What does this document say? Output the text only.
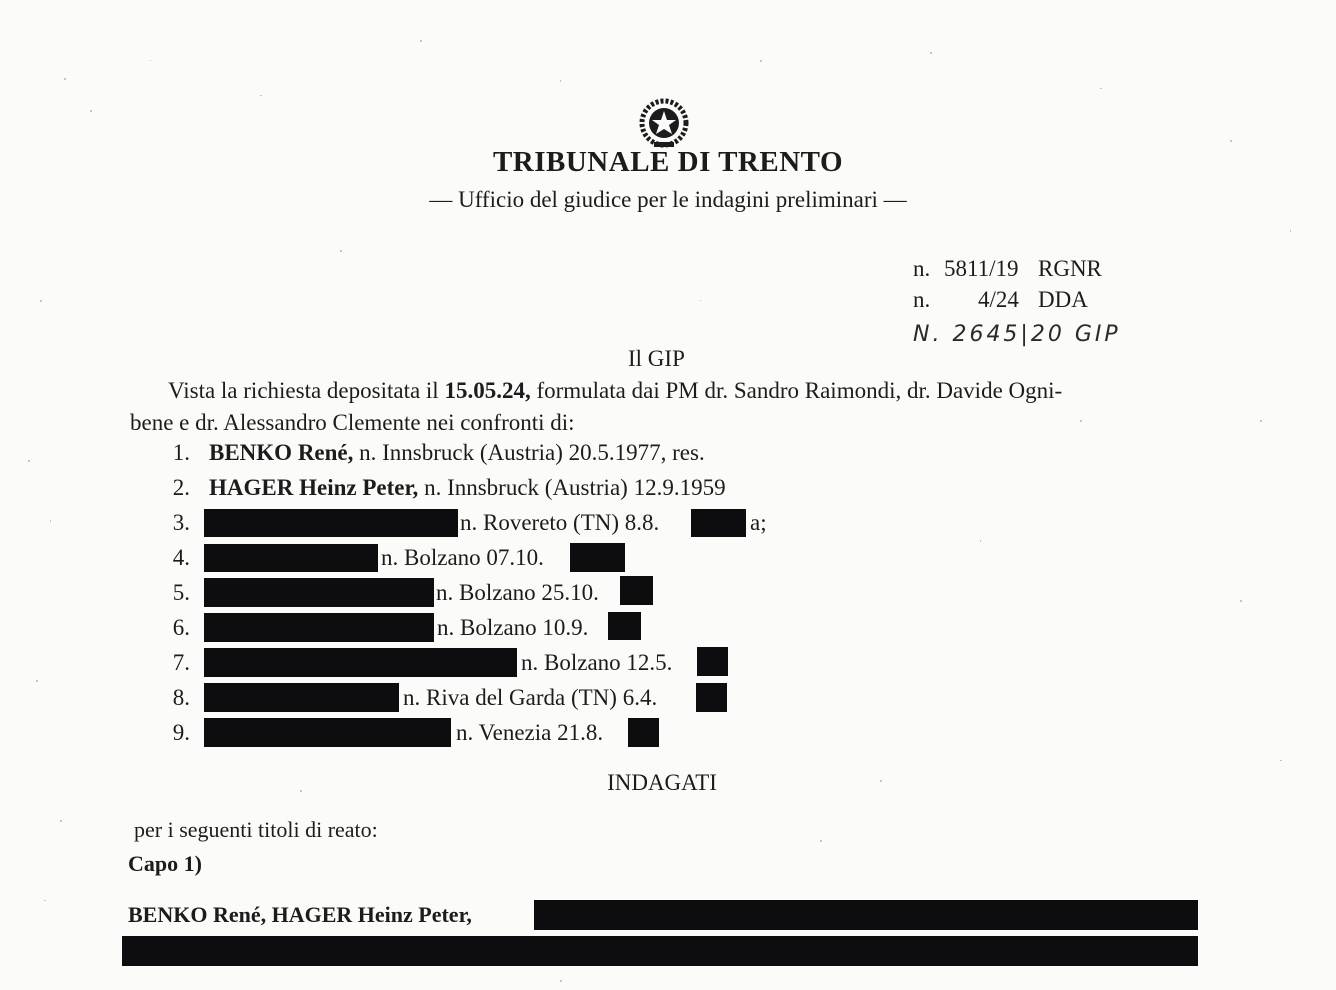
TRIBUNALE DI TRENTO
— Ufficio del giudice per le indagini preliminari —
n. 5811/19 RGNR
n. 4/24 DDA
N. 2645|20 GIP
Il GIP
Vista la richiesta depositata il 15.05.24, formulata dai PM dr. Sandro Raimondi, dr. Davide Ogni-
bene e dr. Alessandro Clemente nei confronti di:
1. BENKO René, n. Innsbruck (Austria) 20.5.1977, res.
2. HAGER Heinz Peter, n. Innsbruck (Austria) 12.9.1959
3.	n. Rovereto (TN) 8.8.	a;
4.	n. Bolzano 07.10.
5.	n. Bolzano 25.10.
6.	n. Bolzano 10.9.
7.	n. Bolzano 12.5.
8.	n. Riva del Garda (TN) 6.4.
9.	n. Venezia 21.8.
INDAGATI
per i seguenti titoli di reato:
Capo 1)
BENKO René, HAGER Heinz Peter,
